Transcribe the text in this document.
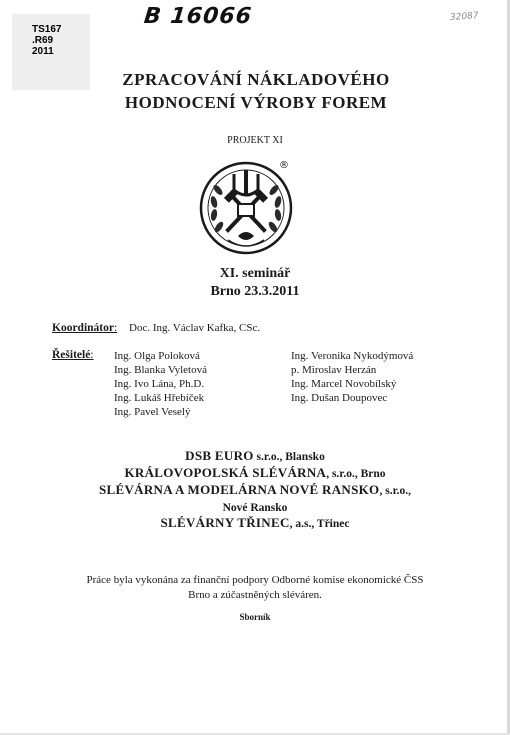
TS167
.R69
2011
B 16066	32087
ZPRACOVÁNÍ NÁKLADOVÉHO
HODNOCENÍ VÝROBY FOREM
PROJEKT XI
®
XI. seminář
Brno 23.3.2011
Koordinátor: Doc. Ing. Václav Kafka, CSc.
Řešitelé: Ing. Olga Poloková
Ing. Blanka Vyletová
Ing. Ivo Lána, Ph.D.
Ing. Lukáš Hřebíček
Ing. Pavel Veselý
Ing. Veronika Nykodýmová
p. Miroslav Herzán
Ing. Marcel Novobílský
Ing. Dušan Doupovec
DSB EURO s.r.o., Blansko
KRÁLOVOPOLSKÁ SLÉVÁRNA, s.r.o., Brno
SLÉVÁRNA A MODELÁRNA NOVÉ RANSKO, s.r.o.,
Nové Ransko
SLÉVÁRNY TŘINEC, a.s., Třinec
Práce byla vykonána za finanční podpory Odborné komise ekonomické ČSS
Brno a zúčastněných sléváren.
Sborník
